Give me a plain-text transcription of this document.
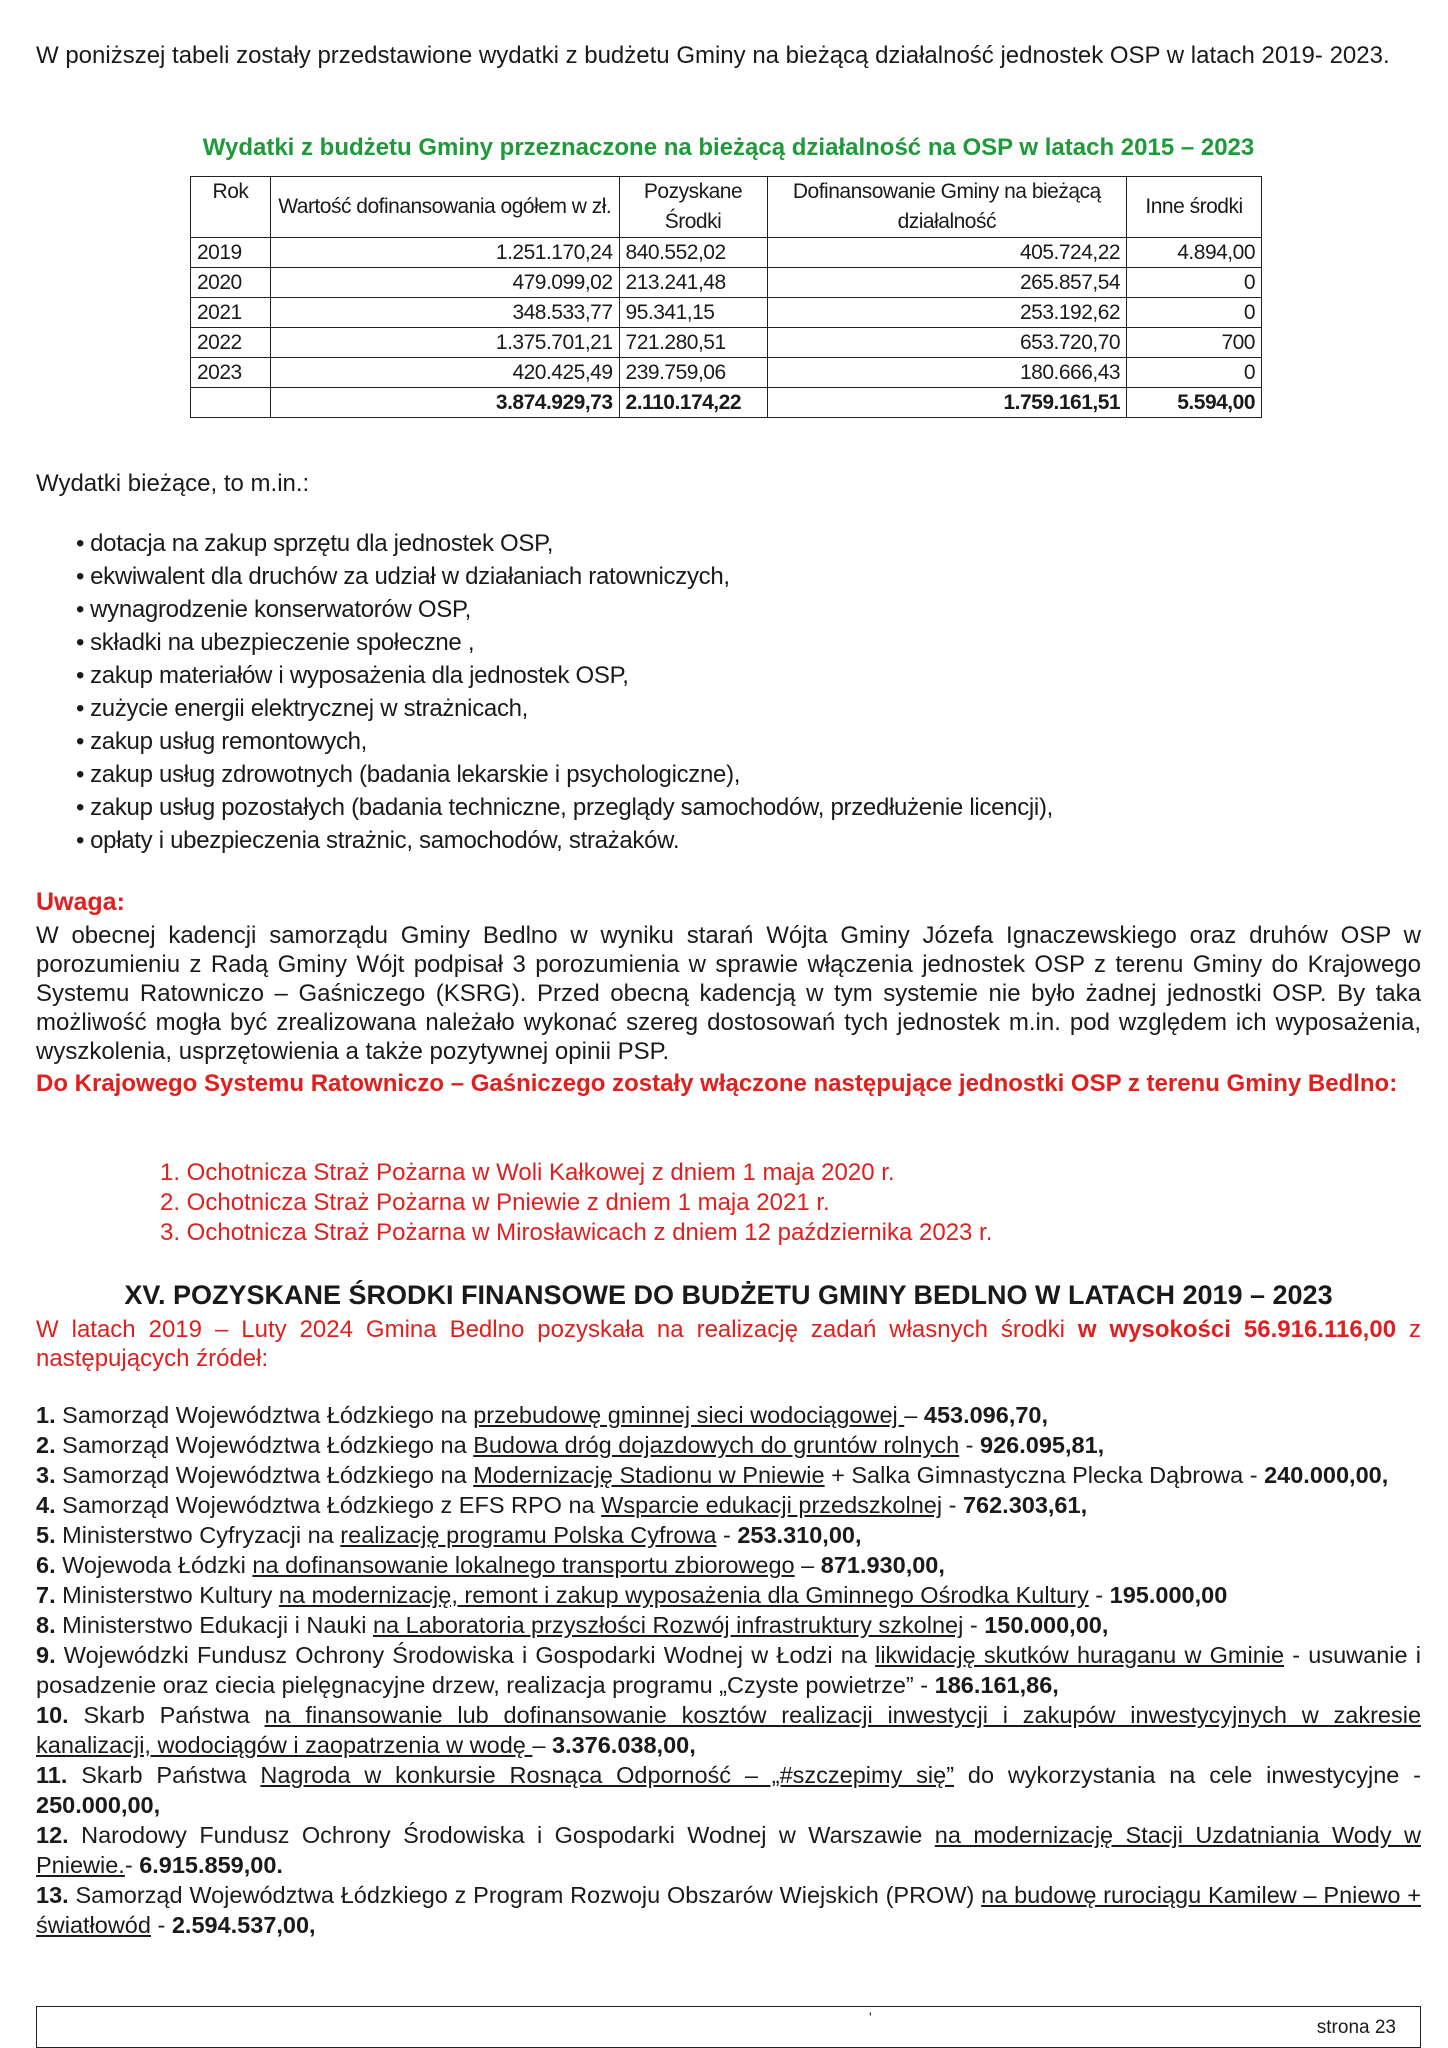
W poniższej tabeli zostały przedstawione wydatki z budżetu Gminy na bieżącą działalność jednostek OSP w latach 2019- 2023.
Wydatki z budżetu Gminy przeznaczone na bieżącą działalność na OSP w latach 2015 – 2023
Rok	Wartość dofinansowania ogółem w zł.	Pozyskane Środki	Dofinansowanie Gminy na bieżącą działalność	Inne środki
2019	1.251.170,24	840.552,02	405.724,22	4.894,00
2020	479.099,02	213.241,48	265.857,54	0
2021	348.533,77	95.341,15	253.192,62	0
2022	1.375.701,21	721.280,51	653.720,70	700
2023	420.425,49	239.759,06	180.666,43	0
	3.874.929,73	2.110.174,22	1.759.161,51	5.594,00
Wydatki bieżące, to m.in.:
• dotacja na zakup sprzętu dla jednostek OSP,
• ekwiwalent dla druchów za udział w działaniach ratowniczych,
• wynagrodzenie konserwatorów OSP,
• składki na ubezpieczenie społeczne ,
• zakup materiałów i wyposażenia dla jednostek OSP,
• zużycie energii elektrycznej w strażnicach,
• zakup usług remontowych,
• zakup usług zdrowotnych (badania lekarskie i psychologiczne),
• zakup usług pozostałych (badania techniczne, przeglądy samochodów, przedłużenie licencji),
• opłaty i ubezpieczenia strażnic, samochodów, strażaków.
Uwaga:
W obecnej kadencji samorządu Gminy Bedlno w wyniku starań Wójta Gminy Józefa Ignaczewskiego oraz druhów OSP w porozumieniu z Radą Gminy Wójt podpisał 3 porozumienia w sprawie włączenia jednostek OSP z terenu Gminy do Krajowego Systemu Ratowniczo – Gaśniczego (KSRG). Przed obecną kadencją w tym systemie nie było żadnej jednostki OSP. By taka możliwość mogła być zrealizowana należało wykonać szereg dostosowań tych jednostek m.in. pod względem ich wyposażenia, wyszkolenia, usprzętowienia a także pozytywnej opinii PSP.
Do Krajowego Systemu Ratowniczo – Gaśniczego zostały włączone następujące jednostki OSP z terenu Gminy Bedlno:
1. Ochotnicza Straż Pożarna w Woli Kałkowej z dniem 1 maja 2020 r.
2. Ochotnicza Straż Pożarna w Pniewie z dniem 1 maja 2021 r.
3. Ochotnicza Straż Pożarna w Mirosławicach z dniem 12 października 2023 r.
XV. POZYSKANE ŚRODKI FINANSOWE DO BUDŻETU GMINY BEDLNO W LATACH 2019 – 2023
W latach 2019 – Luty 2024 Gmina Bedlno pozyskała na realizację zadań własnych środki w wysokości 56.916.116,00 z następujących źródeł:
1. Samorząd Województwa Łódzkiego na przebudowę gminnej sieci wodociągowej – 453.096,70,
2. Samorząd Województwa Łódzkiego na Budowa dróg dojazdowych do gruntów rolnych - 926.095,81,
3. Samorząd Województwa Łódzkiego na Modernizację Stadionu w Pniewie + Salka Gimnastyczna Plecka Dąbrowa - 240.000,00,
4. Samorząd Województwa Łódzkiego z EFS RPO na Wsparcie edukacji przedszkolnej - 762.303,61,
5. Ministerstwo Cyfryzacji na realizację programu Polska Cyfrowa - 253.310,00,
6. Wojewoda Łódzki na dofinansowanie lokalnego transportu zbiorowego – 871.930,00,
7. Ministerstwo Kultury na modernizację, remont i zakup wyposażenia dla Gminnego Ośrodka Kultury - 195.000,00
8. Ministerstwo Edukacji i Nauki na Laboratoria przyszłości Rozwój infrastruktury szkolnej - 150.000,00,
9. Wojewódzki Fundusz Ochrony Środowiska i Gospodarki Wodnej w Łodzi na likwidację skutków huraganu w Gminie - usuwanie i posadzenie oraz ciecia pielęgnacyjne drzew, realizacja programu „Czyste powietrze” - 186.161,86,
10. Skarb Państwa na finansowanie lub dofinansowanie kosztów realizacji inwestycji i zakupów inwestycyjnych w zakresie kanalizacji, wodociągów i zaopatrzenia w wodę – 3.376.038,00,
11. Skarb Państwa Nagroda w konkursie Rosnąca Odporność – „#szczepimy się” do wykorzystania na cele inwestycyjne - 250.000,00,
12. Narodowy Fundusz Ochrony Środowiska i Gospodarki Wodnej w Warszawie na modernizację Stacji Uzdatniania Wody w Pniewie.- 6.915.859,00.
13. Samorząd Województwa Łódzkiego z Program Rozwoju Obszarów Wiejskich (PROW) na budowę rurociągu Kamilew – Pniewo + światłowód - 2.594.537,00,
'	strona 23
